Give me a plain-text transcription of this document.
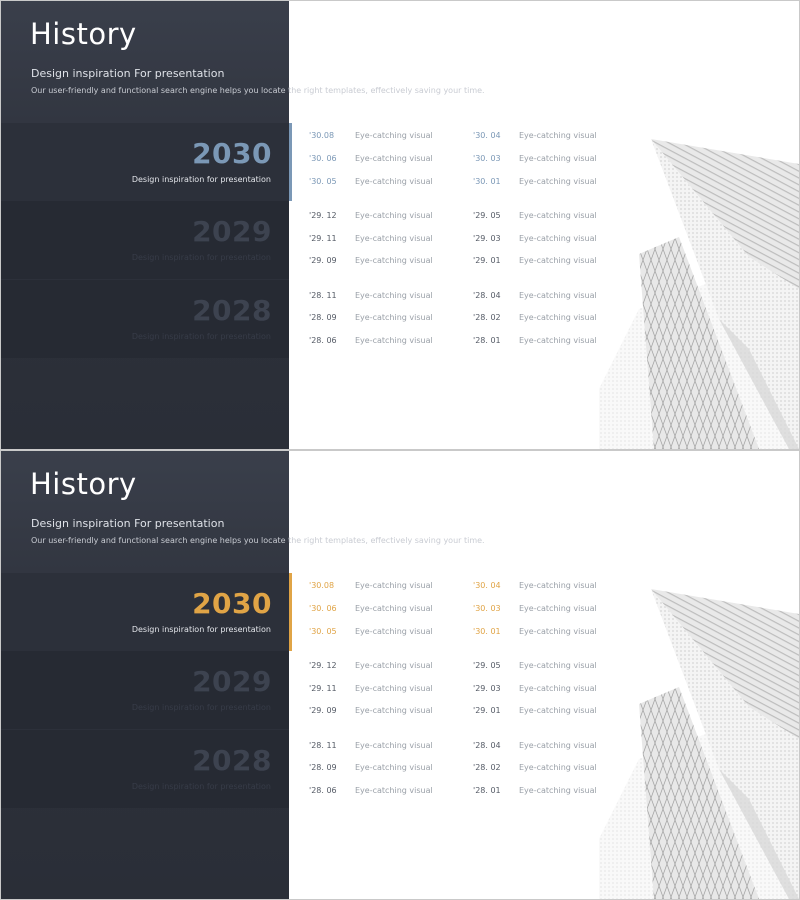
History
Design inspiration For presentation
Our user-friendly and functional search engine helps you locate the right templates, effectively saving your time.
2030
Design inspiration for presentation
2029
Design inspiration for presentation
2028
Design inspiration for presentation
'30.08	Eye-catching visual
'30. 06 Eye-catching visual
'30. 05 Eye-catching visual
'29. 12 Eye-catching visual
'29. 11 Eye-catching visual
'29. 09 Eye-catching visual
'28. 11 Eye-catching visual
'28. 09 Eye-catching visual
'28. 06 Eye-catching visual
'30. 04 Eye-catching visual
'30. 03 Eye-catching visual
'30. 01 Eye-catching visual
'29. 05 Eye-catching visual
'29. 03 Eye-catching visual
'29. 01 Eye-catching visual
'28. 04 Eye-catching visual
'28. 02 Eye-catching visual
'28. 01 Eye-catching visual
History
Design inspiration For presentation
Our user-friendly and functional search engine helps you locate the right templates, effectively saving your time.
2030
Design inspiration for presentation
2029
Design inspiration for presentation
2028
Design inspiration for presentation
'30.08	Eye-catching visual
'30. 06 Eye-catching visual
'30. 05 Eye-catching visual
'29. 12 Eye-catching visual
'29. 11 Eye-catching visual
'29. 09 Eye-catching visual
'28. 11 Eye-catching visual
'28. 09 Eye-catching visual
'28. 06 Eye-catching visual
'30. 04 Eye-catching visual
'30. 03 Eye-catching visual
'30. 01 Eye-catching visual
'29. 05 Eye-catching visual
'29. 03 Eye-catching visual
'29. 01 Eye-catching visual
'28. 04 Eye-catching visual
'28. 02 Eye-catching visual
'28. 01 Eye-catching visual
